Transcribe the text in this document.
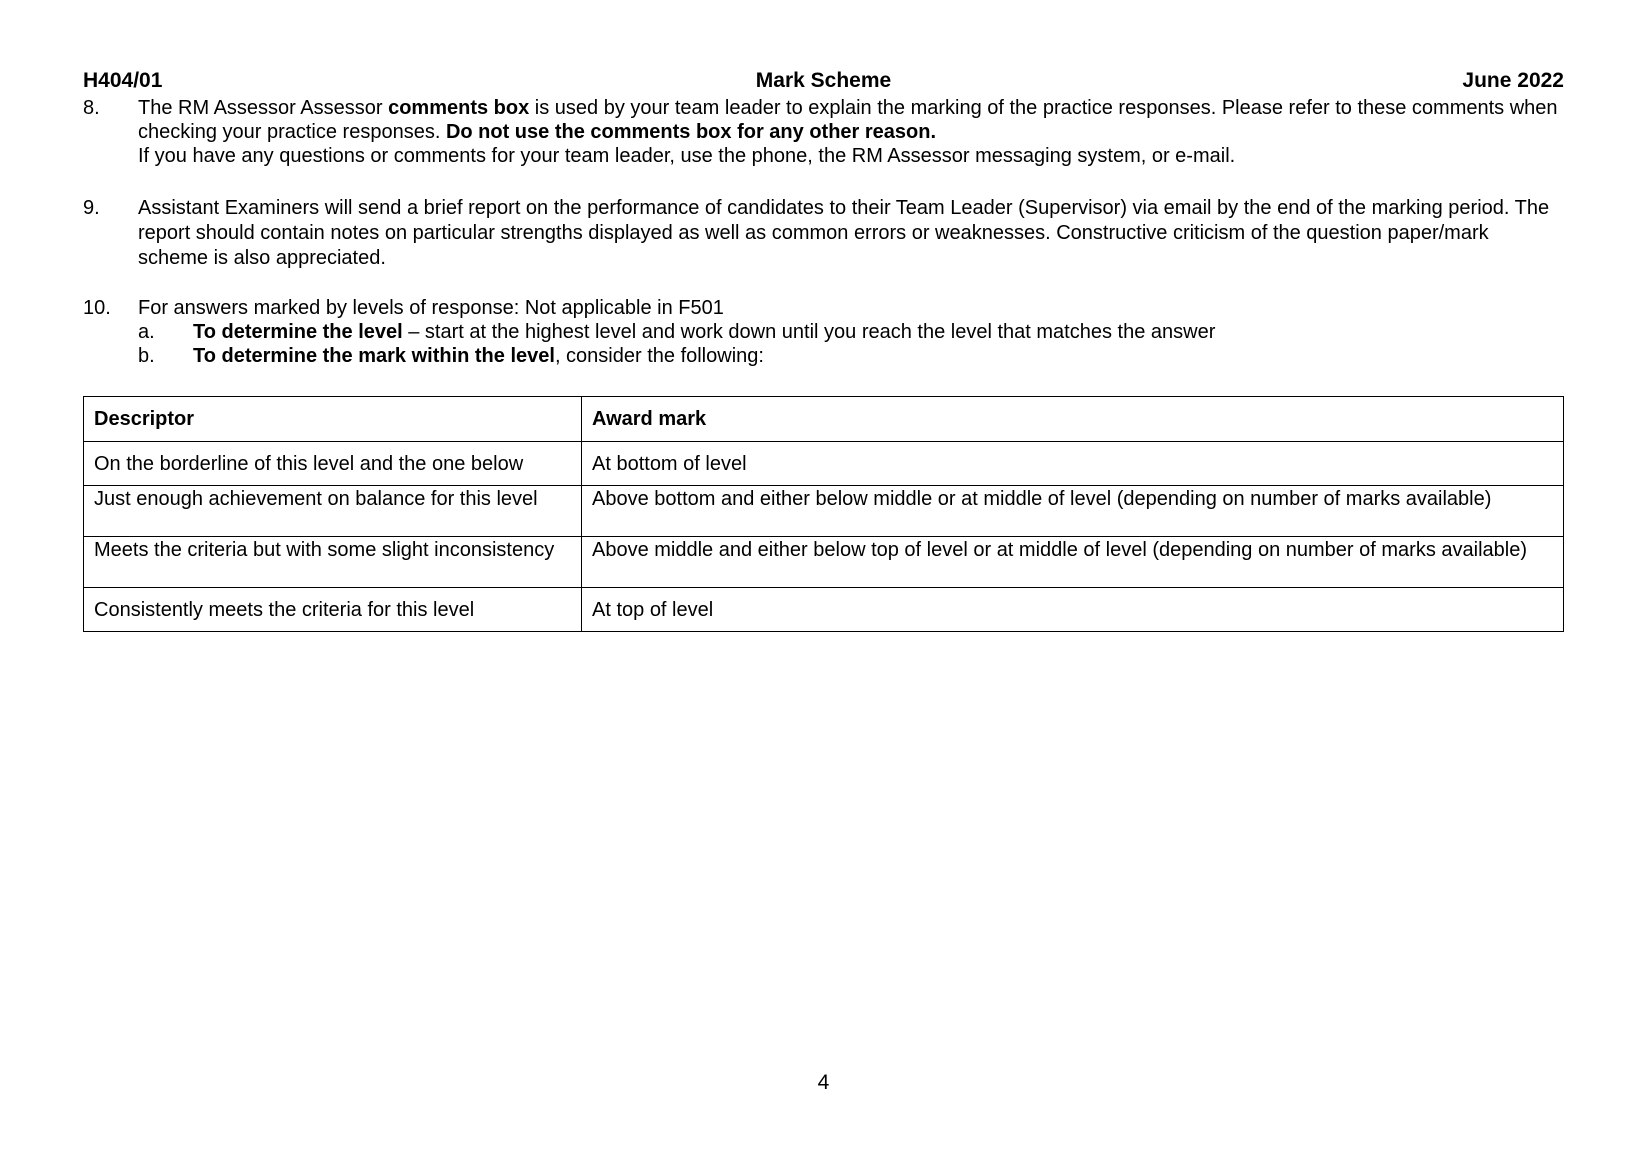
H404/01	Mark Scheme	June 2022
8. The RM Assessor Assessor comments box is used by your team leader to explain the marking of the practice responses. Please refer to these comments when checking your practice responses. Do not use the comments box for any other reason.

If you have any questions or comments for your team leader, use the phone, the RM Assessor messaging system, or e-mail.

9. Assistant Examiners will send a brief report on the performance of candidates to their Team Leader (Supervisor) via email by the end of the marking period. The report should contain notes on particular strengths displayed as well as common errors or weaknesses. Constructive criticism of the question paper/mark scheme is also appreciated.

10. For answers marked by levels of response: Not applicable in F501

a. To determine the level – start at the highest level and work down until you reach the level that matches the answer
b. To determine the mark within the level, consider the following:
Descriptor	Award mark
On the borderline of this level and the one below	At bottom of level
Just enough achievement on balance for this level	Above bottom and either below middle or at middle of level (depending on number of marks available)
Meets the criteria but with some slight inconsistency	Above middle and either below top of level or at middle of level (depending on number of marks available)
Consistently meets the criteria for this level	At top of level
4
